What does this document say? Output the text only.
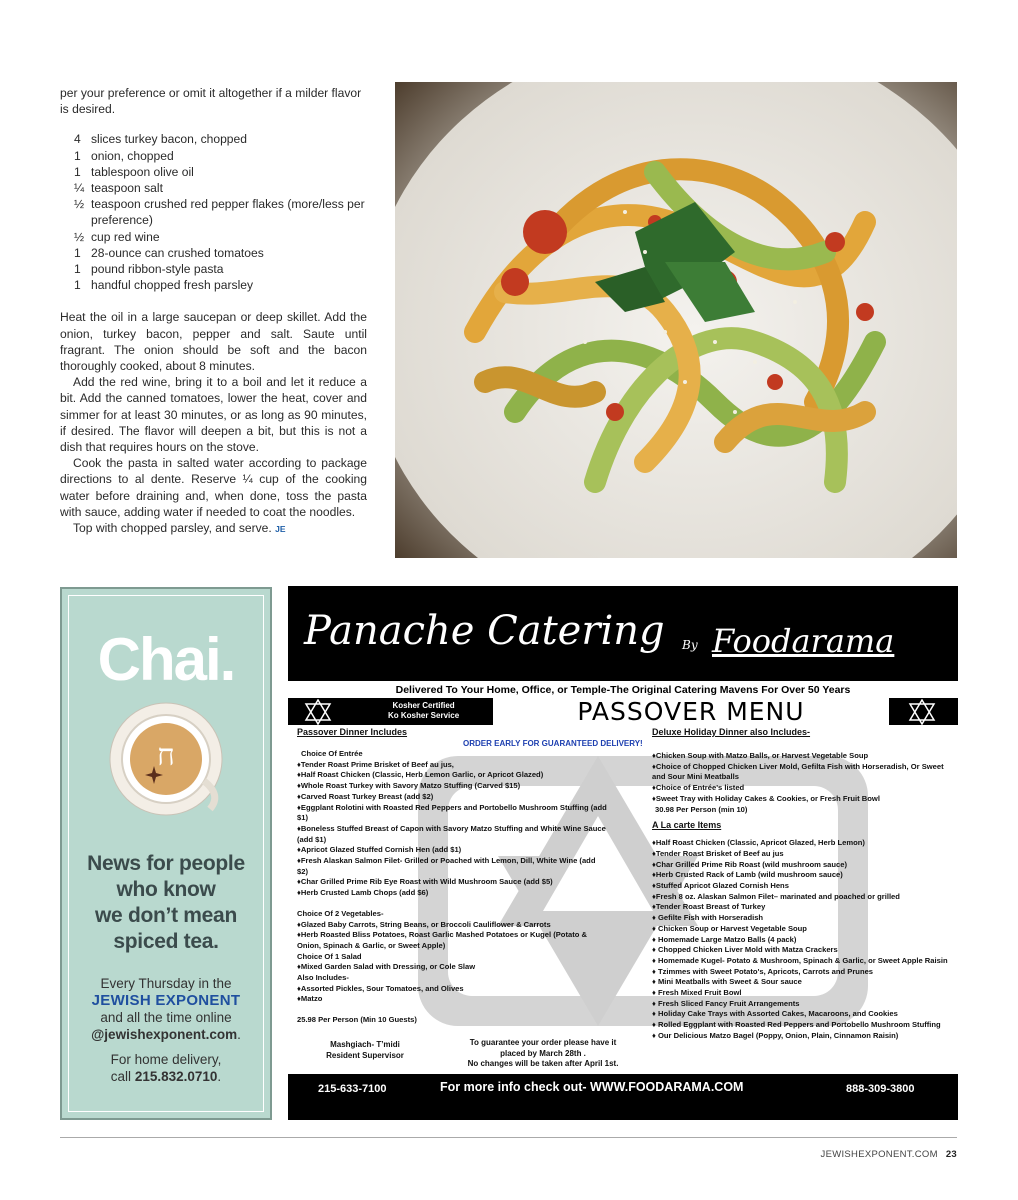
per your preference or omit it altogether if a milder flavor is desired.

4 slices turkey bacon, chopped
1 onion, chopped
1 tablespoon olive oil
¼ teaspoon salt
½ teaspoon crushed red pepper flakes (more/less per preference)
½ cup red wine
1 28-ounce can crushed tomatoes
1 pound ribbon-style pasta
1 handful chopped fresh parsley

Heat the oil in a large saucepan or deep skillet. Add the onion, turkey bacon, pepper and salt. Saute until fragrant. The onion should be soft and the bacon thoroughly cooked, about 8 minutes.

Add the red wine, bring it to a boil and let it reduce a bit. Add the canned tomatoes, lower the heat, cover and simmer for at least 30 minutes, or as long as 90 minutes, if desired. The flavor will deepen a bit, but this is not a dish that requires hours on the stove.

Cook the pasta in salted water according to package directions to al dente. Reserve ¼ cup of the cooking water before draining and, when done, toss the pasta with sauce, adding water if needed to coat the noodles.

Top with chopped parsley, and serve. JE

Chai.
ח
News for people
who know
we don’t mean
spiced tea.
Every Thursday in the
JEWISH EXPONENT
and all the time online
@jewishexponent.com.
For home delivery,
call 215.832.0710.
Panache Catering By Foodarama
Delivered To Your Home, Office, or Temple-The Original Catering Mavens For Over 50 Years
Kosher Certified
Ko Kosher Service	PASSOVER MENU
ORDER EARLY FOR GUARANTEED DELIVERY!
Passover Dinner Includes
Choice Of Entrée
♦Tender Roast Prime Brisket of Beef au jus,
♦Half Roast Chicken (Classic, Herb Lemon Garlic, or Apricot Glazed)
♦Whole Roast Turkey with Savory Matzo Stuffing (Carved $15)
♦Carved Roast Turkey Breast (add $2)
♦Eggplant Rolotini with Roasted Red Peppers and Portobello Mushroom Stuffing (add $1)
♦Boneless Stuffed Breast of Capon with Savory Matzo Stuffing and White Wine Sauce (add $1)
♦Apricot Glazed Stuffed Cornish Hen (add $1)
♦Fresh Alaskan Salmon Filet- Grilled or Poached with Lemon, Dill, White Wine (add $2)
♦Char Grilled Prime Rib Eye Roast with Wild Mushroom Sauce (add $5)
♦Herb Crusted Lamb Chops (add $6)
Choice Of 2 Vegetables-
♦Glazed Baby Carrots, String Beans, or Broccoli Cauliflower & Carrots
♦Herb Roasted Bliss Potatoes, Roast Garlic Mashed Potatoes or Kugel (Potato & Onion, Spinach & Garlic, or Sweet Apple)
Choice Of 1 Salad
♦Mixed Garden Salad with Dressing, or Cole Slaw
Also Includes-
♦Assorted Pickles, Sour Tomatoes, and Olives
♦Matzo
25.98 Per Person (Min 10 Guests)
Mashgiach- T’midi
Resident Supervisor
To guarantee your order please have it
placed by March 28th .
No changes will be taken after April 1st.
Deluxe Holiday Dinner also Includes-
♦Chicken Soup with Matzo Balls, or Harvest Vegetable Soup
♦Choice of Chopped Chicken Liver Mold, Gefilta Fish with Horseradish, Or Sweet and Sour Mini Meatballs
♦Choice of Entrée's listed
♦Sweet Tray with Holiday Cakes & Cookies, or Fresh Fruit Bowl
30.98 Per Person (min 10)
A La carte Items
♦Half Roast Chicken (Classic, Apricot Glazed, Herb Lemon)
♦Tender Roast Brisket of Beef au jus
♦Char Grilled Prime Rib Roast (wild mushroom sauce)
♦Herb Crusted Rack of Lamb (wild mushroom sauce)
♦Stuffed Apricot Glazed Cornish Hens
♦Fresh 8 oz. Alaskan Salmon Filet– marinated and poached or grilled
♦Tender Roast Breast of Turkey
♦ Gefilte Fish with Horseradish
♦ Chicken Soup or Harvest Vegetable Soup
♦ Homemade Large Matzo Balls (4 pack)
♦ Chopped Chicken Liver Mold with Matza Crackers
♦ Homemade Kugel- Potato & Mushroom, Spinach & Garlic, or Sweet Apple Raisin
♦ Tzimmes with Sweet Potato's, Apricots, Carrots and Prunes
♦ Mini Meatballs with Sweet & Sour sauce
♦ Fresh Mixed Fruit Bowl
♦ Fresh Sliced Fancy Fruit Arrangements
♦ Holiday Cake Trays with Assorted Cakes, Macaroons, and Cookies
♦ Rolled Eggplant with Roasted Red Peppers and Portobello Mushroom Stuffing
♦ Our Delicious Matzo Bagel (Poppy, Onion, Plain, Cinnamon Raisin)
215-633-7100	For more info check out- WWW.FOODARAMA.COM	888-309-3800
JEWISHEXPONENT.COM 23
